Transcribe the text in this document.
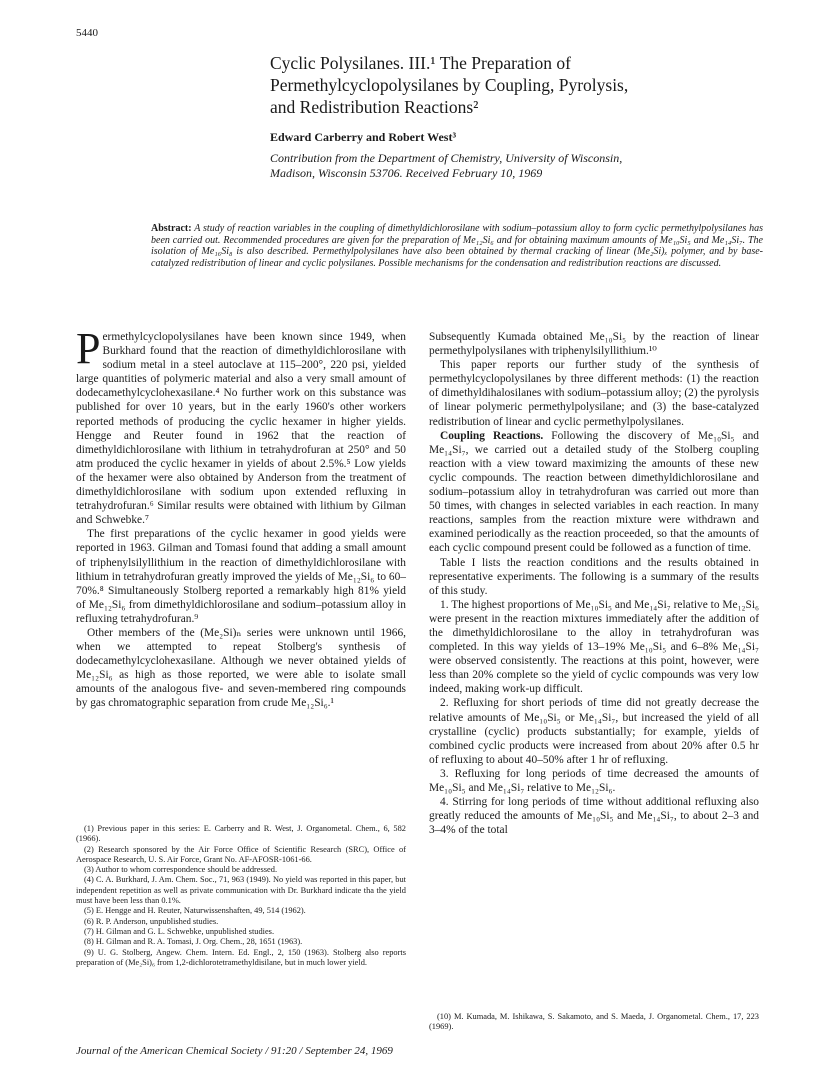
5440
Cyclic Polysilanes. III.¹ The Preparation of
Permethylcyclopolysilanes by Coupling, Pyrolysis,
and Redistribution Reactions²
Edward Carberry and Robert West³
Contribution from the Department of Chemistry, University of Wisconsin,
Madison, Wisconsin 53706. Received February 10, 1969
Abstract: A study of reaction variables in the coupling of dimethyldichlorosilane with sodium–potassium alloy to form cyclic permethylpolysilanes has been carried out. Recommended procedures are given for the preparation of Me₁₂Si₆ and for obtaining maximum amounts of Me₁₀Si₅ and Me₁₄Si₇. The isolation of Me₁₆Si₈ is also described. Permethylpolysilanes have also been obtained by thermal cracking of linear (Me₂Si)ₓ polymer, and by base-catalyzed redistribution of linear and cyclic polysilanes. Possible mechanisms for the condensation and redistribution reactions are discussed.

Permethylcyclopolysilanes have been known since 1949, when Burkhard found that the reaction of dimethyldichlorosilane with sodium metal in a steel autoclave at 115–200°, 220 psi, yielded large quantities of polymeric material and also a very small amount of dodecamethylcyclohexasilane.⁴ No further work on this substance was published for over 10 years, but in the early 1960's other workers reported methods of producing the cyclic hexamer in higher yields. Hengge and Reuter found in 1962 that the reaction of dimethyldichlorosilane with lithium in tetrahydrofuran at 250° and 50 atm produced the cyclic hexamer in yields of about 2.5%.⁵ Low yields of the hexamer were also obtained by Anderson from the treatment of dimethyldichlorosilane with sodium upon extended refluxing in tetrahydrofuran.⁶ Similar results were obtained with lithium by Gilman and Schwebke.⁷

The first preparations of the cyclic hexamer in good yields were reported in 1963. Gilman and Tomasi found that adding a small amount of triphenylsilyllithium in the reaction of dimethyldichlorosilane with lithium in tetrahydrofuran greatly improved the yields of Me₁₂Si₆ to 60–70%.⁸ Simultaneously Stolberg reported a remarkably high 81% yield of Me₁₂Si₆ from dimethyldichlorosilane and sodium–potassium alloy in refluxing tetrahydrofuran.⁹

Other members of the (Me₂Si)ₙ series were unknown until 1966, when we attempted to repeat Stolberg's synthesis of dodecamethylcyclohexasilane. Although we never obtained yields of Me₁₂Si₆ as high as those reported, we were able to isolate small amounts of the analogous five- and seven-membered ring compounds by gas chromatographic separation from crude Me₁₂Si₆.¹

Subsequently Kumada obtained Me₁₀Si₅ by the reaction of linear permethylpolysilanes with triphenylsilyllithium.¹⁰

This paper reports our further study of the synthesis of permethylcyclopolysilanes by three different methods: (1) the reaction of dimethyldihalosilanes with sodium–potassium alloy; (2) the pyrolysis of linear polymeric permethylpolysilane; and (3) the base-catalyzed redistribution of linear and cyclic permethylpolysilanes.

Coupling Reactions. Following the discovery of Me₁₀Si₅ and Me₁₄Si₇, we carried out a detailed study of the Stolberg coupling reaction with a view toward maximizing the amounts of these new cyclic compounds. The reaction between dimethyldichlorosilane and sodium–potassium alloy in tetrahydrofuran was carried out more than 50 times, with changes in selected variables in each reaction. In many reactions, samples from the reaction mixture were withdrawn and examined periodically as the reaction proceeded, so that the amounts of each cyclic compound present could be followed as a function of time.

Table I lists the reaction conditions and the results obtained in representative experiments. The following is a summary of the results of this study.

1. The highest proportions of Me₁₀Si₅ and Me₁₄Si₇ relative to Me₁₂Si₆ were present in the reaction mixtures immediately after the addition of the dimethyldichlorosilane to the alloy in tetrahydrofuran was completed. In this way yields of 13–19% Me₁₀Si₅ and 6–8% Me₁₄Si₇ were observed consistently. The reactions at this point, however, were less than 20% complete so the yield of cyclic compounds was very low indeed, making work-up difficult.

2. Refluxing for short periods of time did not greatly decrease the relative amounts of Me₁₀Si₅ or Me₁₄Si₇, but increased the yield of all crystalline (cyclic) products substantially; for example, yields of combined cyclic products were increased from about 20% after 0.5 hr of refluxing to about 40–50% after 1 hr of refluxing.

3. Refluxing for long periods of time decreased the amounts of Me₁₀Si₅ and Me₁₄Si₇ relative to Me₁₂Si₆.

4. Stirring for long periods of time without additional refluxing also greatly reduced the amounts of Me₁₀Si₅ and Me₁₄Si₇, to about 2–3 and 3–4% of the total

(1) Previous paper in this series: E. Carberry and R. West, J. Organometal. Chem., 6, 582 (1966).
(2) Research sponsored by the Air Force Office of Scientific Research (SRC), Office of Aerospace Research, U. S. Air Force, Grant No. AF-AFOSR-1061-66.
(3) Author to whom correspondence should be addressed.
(4) C. A. Burkhard, J. Am. Chem. Soc., 71, 963 (1949). No yield was reported in this paper, but independent repetition as well as private communication with Dr. Burkhard indicate tha the yield must have been less than 0.1%.
(5) E. Hengge and H. Reuter, Naturwissenshaften, 49, 514 (1962).
(6) R. P. Anderson, unpublished studies.
(7) H. Gilman and G. L. Schwebke, unpublished studies.
(8) H. Gilman and R. A. Tomasi, J. Org. Chem., 28, 1651 (1963).
(9) U. G. Stolberg, Angew. Chem. Intern. Ed. Engl., 2, 150 (1963). Stolberg also reports preparation of (Me₂Si)₆ from 1,2-dichlorotetramethyldisilane, but in much lower yield.
(10) M. Kumada, M. Ishikawa, S. Sakamoto, and S. Maeda, J. Organometal. Chem., 17, 223 (1969).
Journal of the American Chemical Society / 91:20 / September 24, 1969
